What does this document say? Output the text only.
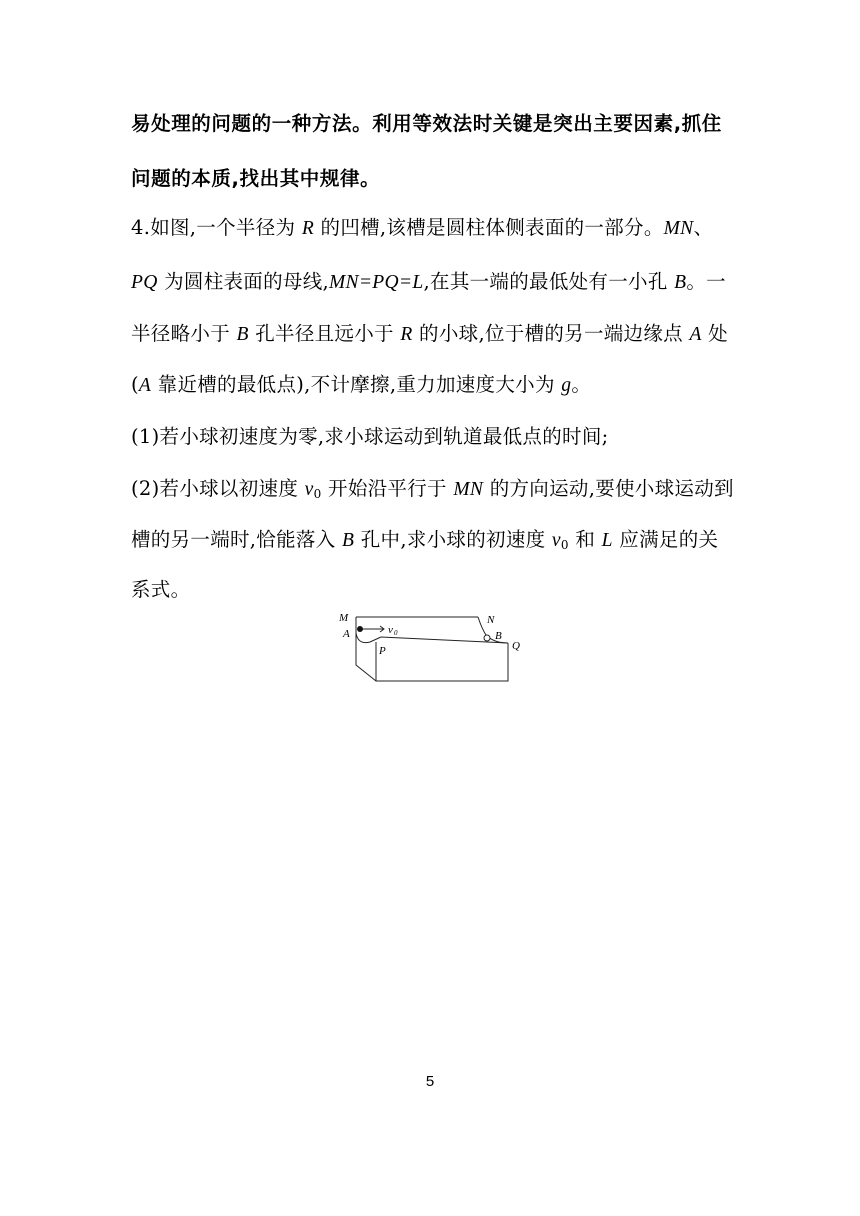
易处理的问题的一种方法。利用等效法时关键是突出主要因素,抓住
问题的本质,找出其中规律。
4.如图,一个半径为 R 的凹槽,该槽是圆柱体侧表面的一部分。MN、
PQ 为圆柱表面的母线,MN=PQ=L,在其一端的最低处有一小孔 B。一
半径略小于 B 孔半径且远小于 R 的小球,位于槽的另一端边缘点 A 处
(A 靠近槽的最低点),不计摩擦,重力加速度大小为 g。
(1)若小球初速度为零,求小球运动到轨道最低点的时间;
(2)若小球以初速度 $v_0$ 开始沿平行于 MN 的方向运动,要使小球运动到
槽的另一端时,恰能落入 B 孔中,求小球的初速度 $v_0$ 和 L 应满足的关
系式。
M
A	v 0
N
B
Q
P
5
